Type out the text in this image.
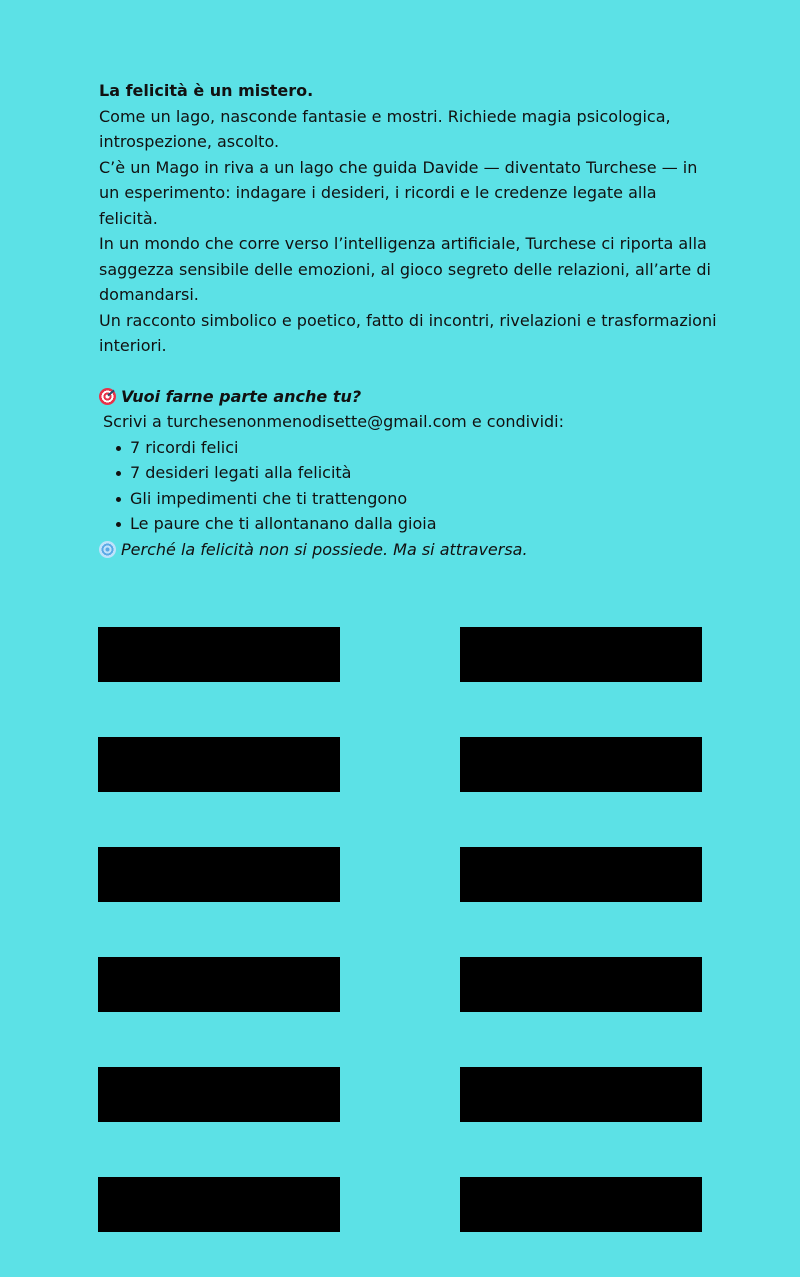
La felicità è un mistero.

Come un lago, nasconde fantasie e mostri. Richiede magia psicologica, introspezione, ascolto.

C’è un Mago in riva a un lago che guida Davide — diventato Turchese — in un esperimento: indagare i desideri, i ricordi e le credenze legate alla felicità.

In un mondo che corre verso l’intelligenza artificiale, Turchese ci riporta alla saggezza sensibile delle emozioni, al gioco segreto delle relazioni, all’arte di domandarsi.

Un racconto simbolico e poetico, fatto di incontri, rivelazioni e trasformazioni interiori.

Vuoi farne parte anche tu?

Scrivi a turchesenonmenodisette@gmail.com e condividi:

7 ricordi felici
7 desideri legati alla felicità
Gli impedimenti che ti trattengono
Le paure che ti allontanano dalla gioia

Perché la felicità non si possiede. Ma si attraversa.
